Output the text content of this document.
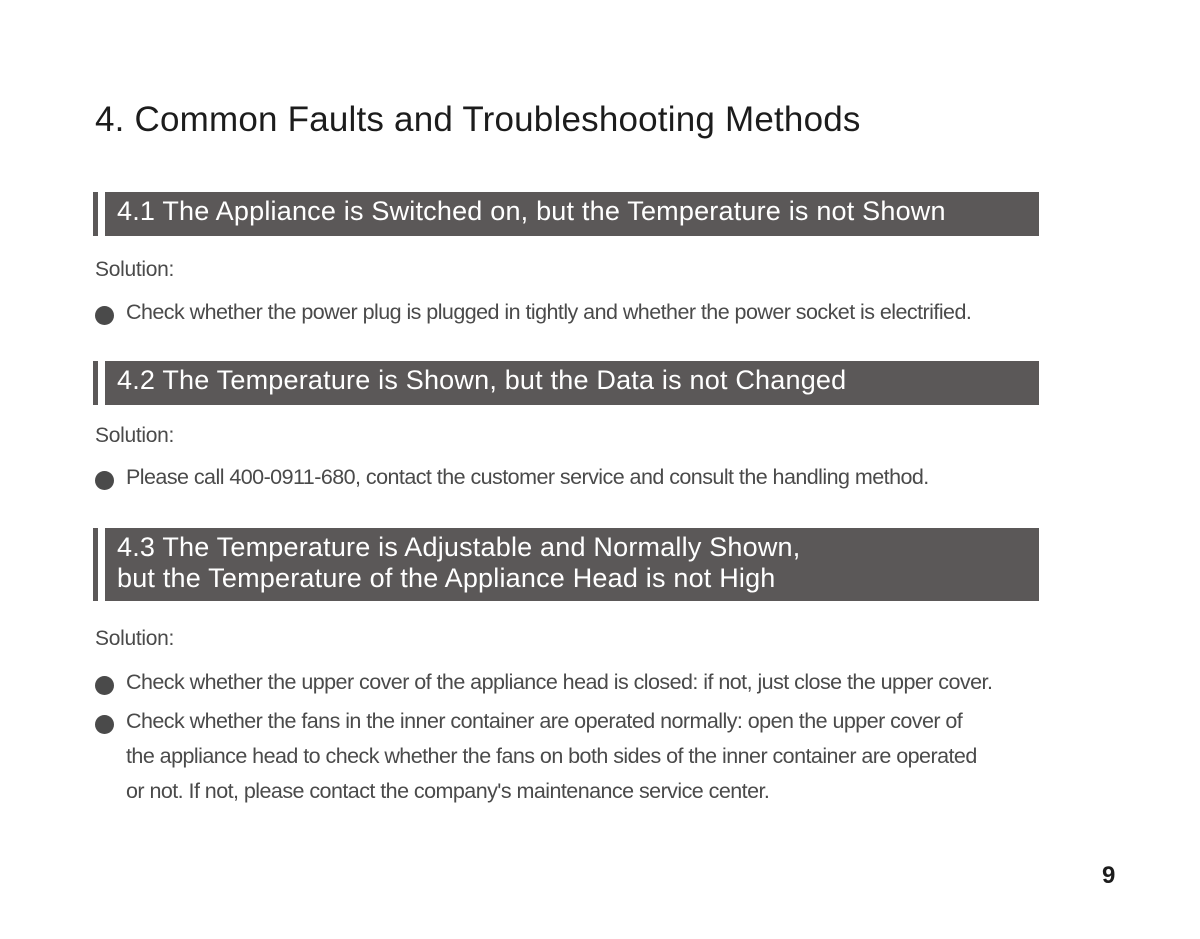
4. Common Faults and Troubleshooting Methods
4.1 The Appliance is Switched on, but the Temperature is not Shown
Solution:
Check whether the power plug is plugged in tightly and whether the power socket is electrified.
4.2 The Temperature is Shown, but the Data is not Changed
Solution:
Please call 400-0911-680, contact the customer service and consult the handling method.
4.3 The Temperature is Adjustable and Normally Shown,
but the Temperature of the Appliance Head is not High
Solution:
Check whether the upper cover of the appliance head is closed: if not, just close the upper cover.
Check whether the fans in the inner container are operated normally: open the upper cover of
the appliance head to check whether the fans on both sides of the inner container are operated
or not. If not, please contact the company's maintenance service center.
9
